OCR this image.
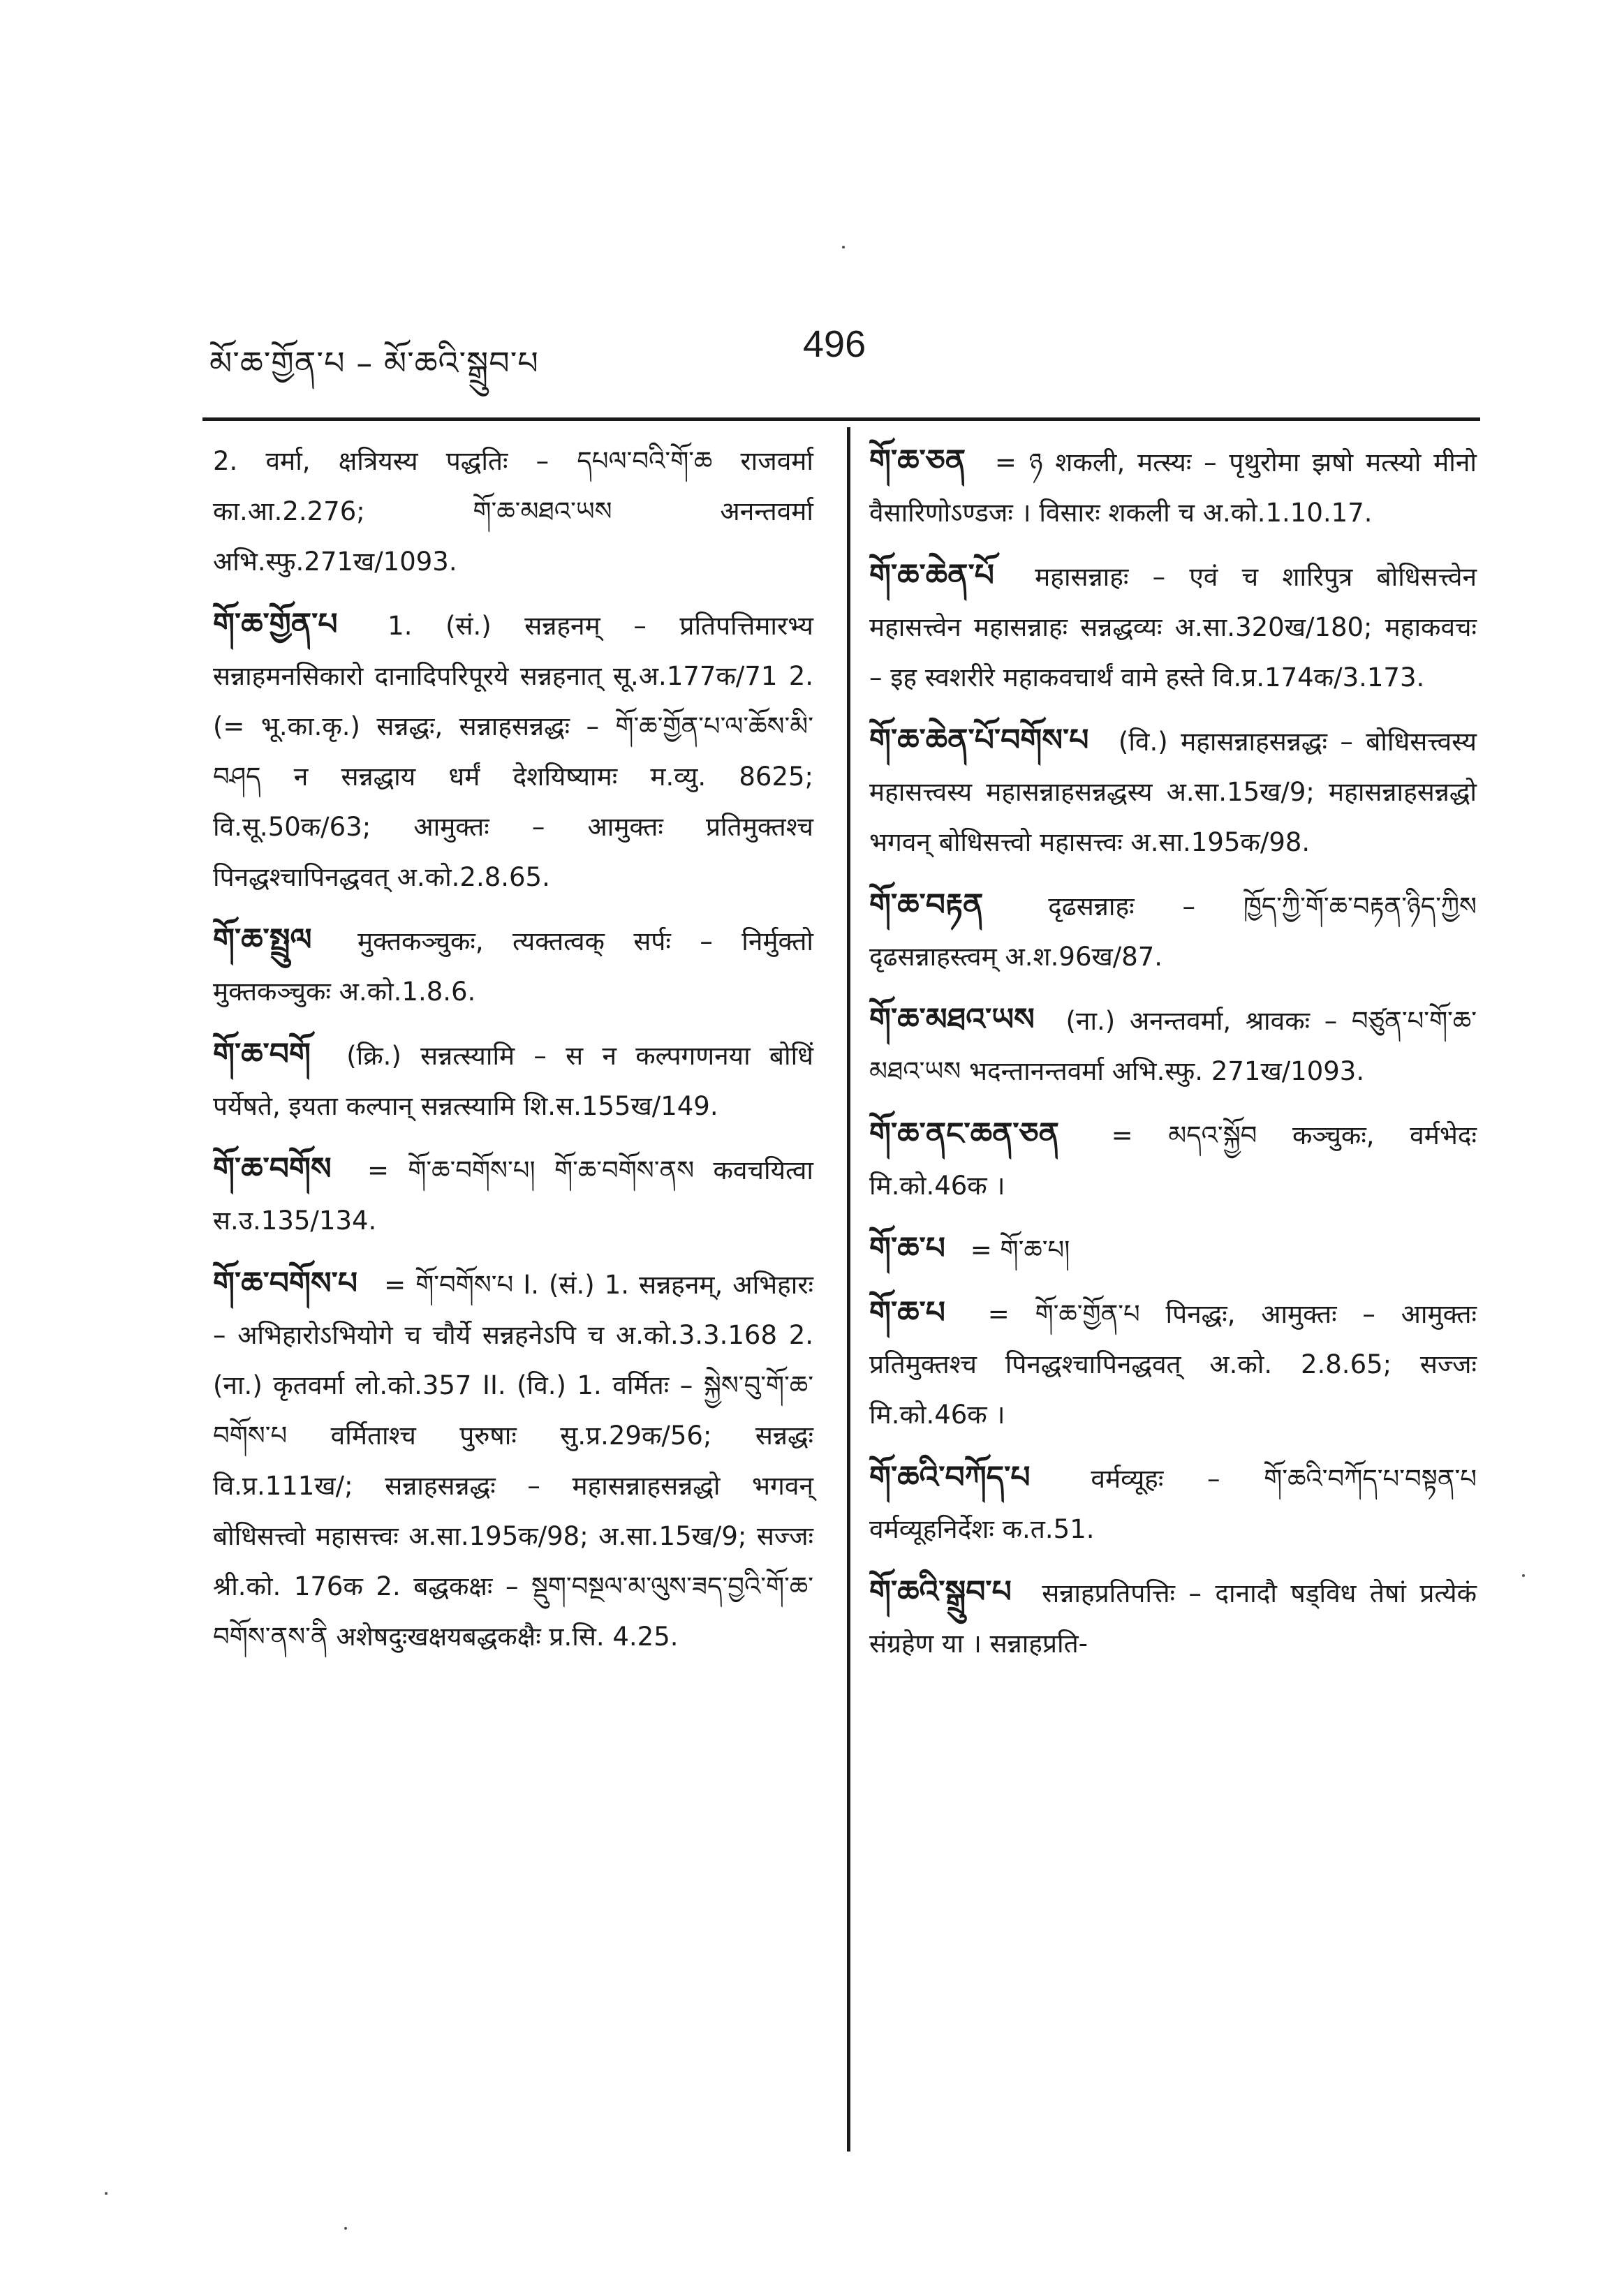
མོ་ཆ་གྱོན་པ – མོ་ཆའི་སྒྲུབ་པ	496
2. वर्मा, क्षत्रियस्य पद्धतिः – དཔལ་བའི་གོ་ཆ राजवर्मा का.आ.2.276; གོ་ཆ་མཐའ་ཡས अनन्तवर्मा अभि.स्फु.271ख/1093.
གོ་ཆ་གྱོན་པ 1. (सं.) सन्नहनम् – प्रतिपत्तिमारभ्य सन्नाहमनसिकारो दानादिपरिपूरये सन्नहनात् सू.अ.177क/71 2. (= भू.का.कृ.) सन्नद्धः, सन्नाहसन्नद्धः – གོ་ཆ་གྱོན་པ་ལ་ཆོས་མི་བཤད न सन्नद्धाय धर्मं देशयिष्यामः म.व्यु. 8625; वि.सू.50क/63; आमुक्तः – आमुक्तः प्रतिमुक्तश्च पिनद्धश्चापिनद्धवत् अ.को.2.8.65.
གོ་ཆ་སྤྲུལ मुक्तकञ्चुकः, त्यक्तत्वक् सर्पः – निर्मुक्तो मुक्तकञ्चुकः अ.को.1.8.6.
གོ་ཆ་བགོ (क्रि.) सन्नत्स्यामि – स न कल्पगणनया बोधिं पर्येषते, इयता कल्पान् सन्नत्स्यामि शि.स.155ख/149.
གོ་ཆ་བགོས = གོ་ཆ་བགོས་པ། གོ་ཆ་བགོས་ནས कवचयित्वा स.उ.135/134.
གོ་ཆ་བགོས་པ = གོ་བགོས་པ I. (सं.) 1. सन्नहनम्, अभिहारः – अभिहारोऽभियोगे च चौर्ये सन्नहनेऽपि च अ.को.3.3.168 2. (ना.) कृतवर्मा लो.को.357 II. (वि.) 1. वर्मितः – སྐྱེས་བུ་གོ་ཆ་བགོས་པ वर्मिताश्च पुरुषाः सु.प्र.29क/56; सन्नद्धः वि.प्र.111ख/; सन्नाहसन्नद्धः – महासन्नाहसन्नद्धो भगवन् बोधिसत्त्वो महासत्त्वः अ.सा.195क/98; अ.सा.15ख/9; सज्जः श्री.को. 176क 2. बद्धकक्षः – སྡུག་བསྔལ་མ་ལུས་ཟད་བྱའི་གོ་ཆ་བགོས་ནས་ནི अशेषदुःखक्षयबद्धकक्षैः प्र.सि. 4.25.
གོ་ཆ་ཅན = ཉ शकली, मत्स्यः – पृथुरोमा झषो मत्स्यो मीनो वैसारिणोऽण्डजः । विसारः शकली च अ.को.1.10.17.
གོ་ཆ་ཆེན་པོ महासन्नाहः – एवं च शारिपुत्र बोधिसत्त्वेन महासत्त्वेन महासन्नाहः सन्नद्धव्यः अ.सा.320ख/180; महाकवचः – इह स्वशरीरे महाकवचार्थं वामे हस्ते वि.प्र.174क/3.173.
གོ་ཆ་ཆེན་པོ་བགོས་པ (वि.) महासन्नाहसन्नद्धः – बोधिसत्त्वस्य महासत्त्वस्य महासन्नाहसन्नद्धस्य अ.सा.15ख/9; महासन्नाहसन्नद्धो भगवन् बोधिसत्त्वो महासत्त्वः अ.सा.195क/98.
གོ་ཆ་བརྟན	दृढसन्नाहः – ཁྱོད་ཀྱི་གོ་ཆ་བརྟན་ཉིད་ཀྱིས दृढसन्नाहस्त्वम् अ.श.96ख/87.
གོ་ཆ་མཐའ་ཡས (ना.) अनन्तवर्मा, श्रावकः – བཙུན་པ་གོ་ཆ་མཐའ་ཡས भदन्तानन्तवर्मा अभि.स्फु. 271ख/1093.
གོ་ཆ་ནང་ཆན་ཅན = མདའ་སྐྱོབ कञ्चुकः, वर्मभेदः मि.को.46क ।
གོ་ཆ་པ = གོ་ཆ་པ།
གོ་ཆ་པ = གོ་ཆ་གྱོན་པ पिनद्धः, आमुक्तः – आमुक्तः प्रतिमुक्तश्च पिनद्धश्चापिनद्धवत् अ.को. 2.8.65; सज्जः मि.को.46क ।
གོ་ཆའི་བཀོད་པ वर्मव्यूहः – གོ་ཆའི་བཀོད་པ་བསྟན་པ वर्मव्यूहनिर्देशः क.त.51.
གོ་ཆའི་སྒྲུབ་པ सन्नाहप्रतिपत्तिः – दानादौ षड्विध तेषां प्रत्येकं संग्रहेण या । सन्नाहप्रति-
